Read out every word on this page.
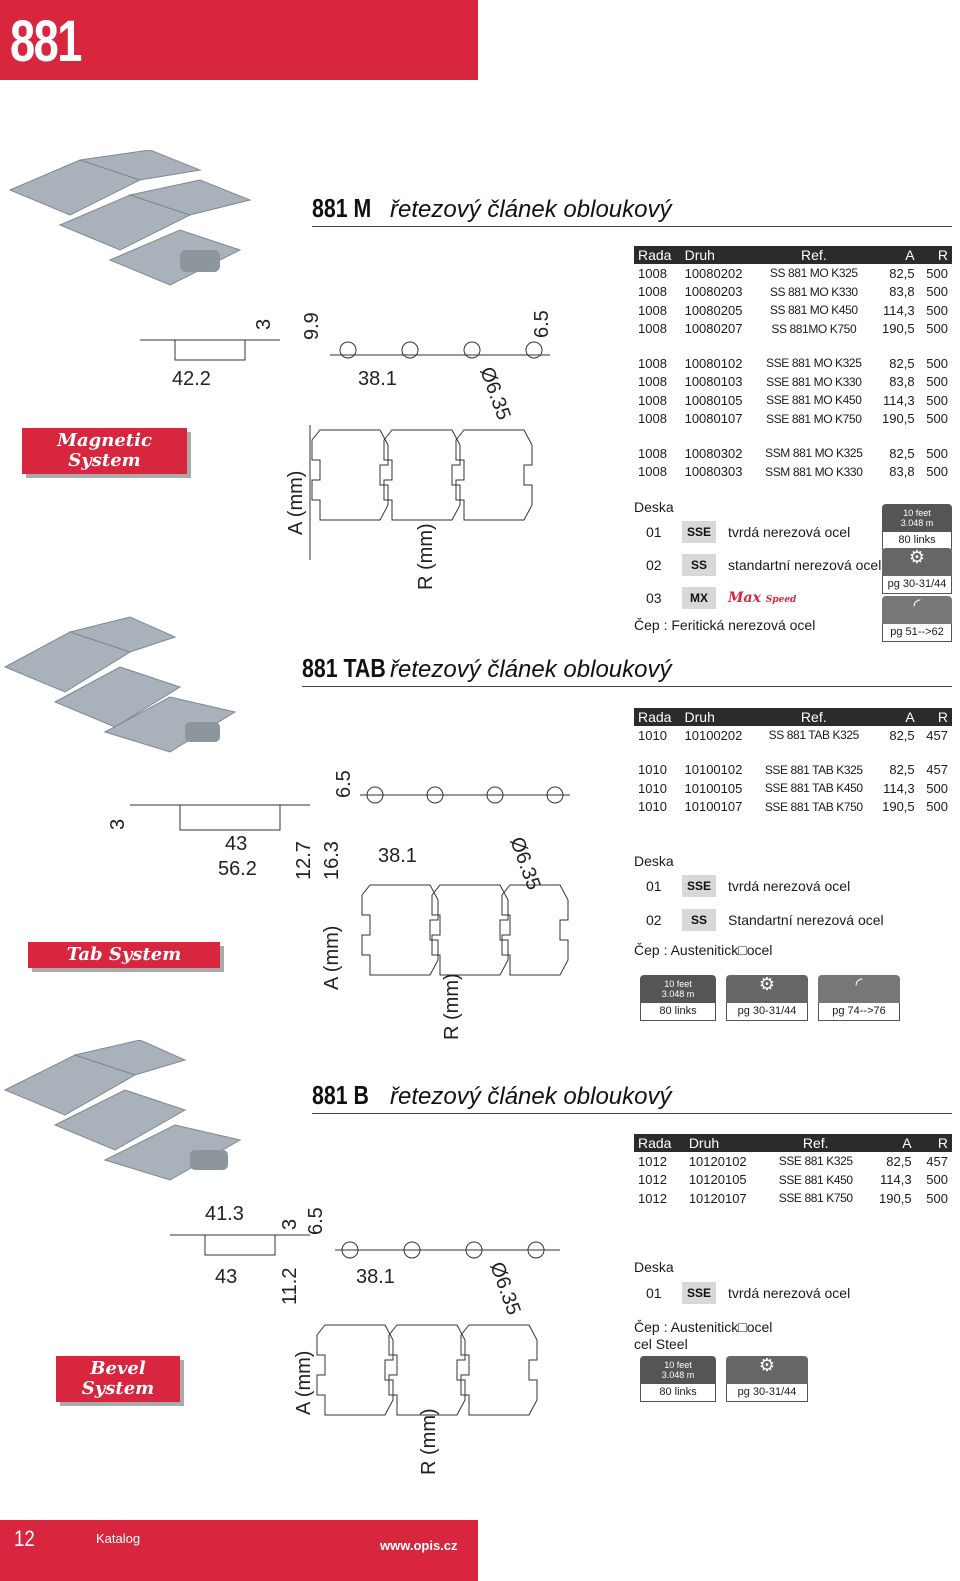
881
881 M řetezový článek obloukový
Magnetic
System
42.2
3 9.9
38.1	Ø6.35
6.5
A (mm)
R (mm)
Rada	Druh	Ref.	A	R
1008	10080202	SS 881 MO K325	82,5	500
1008	10080203	SS 881 MO K330	83,8	500
1008	10080205	SS 881 MO K450	114,3	500
1008	10080207	SS 881MO K750	190,5	500

1008	10080102	SSE 881 MO K325	82,5	500
1008	10080103	SSE 881 MO K330	83,8	500
1008	10080105	SSE 881 MO K450	114,3	500
1008	10080107	SSE 881 MO K750	190,5	500

1008	10080302	SSM 881 MO K325	82,5	500
1008	10080303	SSM 881 MO K330	83,8	500
Deska
01	SSE	tvrdá nerezová ocel
02	SS	standartní nerezová ocel
03	MX	Max Speed
Čep : Feritická nerezová ocel
10 feet
3.048 m
80 links
⚙
pg 30-31/44
◜
pg 51-->62
881 TAB řetezový článek obloukový
Tab System
3
43
56.2 12.7 16.3
6.5
38.1	Ø6.35
A (mm)
R (mm)
Rada	Druh	Ref.	A	R
1010	10100202	SS 881 TAB K325	82,5	457

1010	10100102	SSE 881 TAB K325	82,5	457
1010	10100105	SSE 881 TAB K450	114,3	500
1010	10100107	SSE 881 TAB K750	190,5	500
Deska
01	SSE	tvrdá nerezová ocel
02	SS	Standartní nerezová ocel
Čep : Austenitick□ocel
10 feet
3.048 m
80 links
⚙
pg 30-31/44
◜
pg 74-->76
881 B řetezový článek obloukový
Bevel
System
41.3
43
3
11.2
6.5
38.1	Ø6.35
A (mm)
R (mm)
Rada	Druh	Ref.	A	R
1012	10120102	SSE 881 K325	82,5	457
1012	10120105	SSE 881 K450	114,3	500
1012	10120107	SSE 881 K750	190,5	500
Deska
01	SSE	tvrdá nerezová ocel
Čep : Austenitick□ocel
cel Steel
10 feet
3.048 m
80 links
⚙
pg 30-31/44
12	Katalog	www.opis.cz
